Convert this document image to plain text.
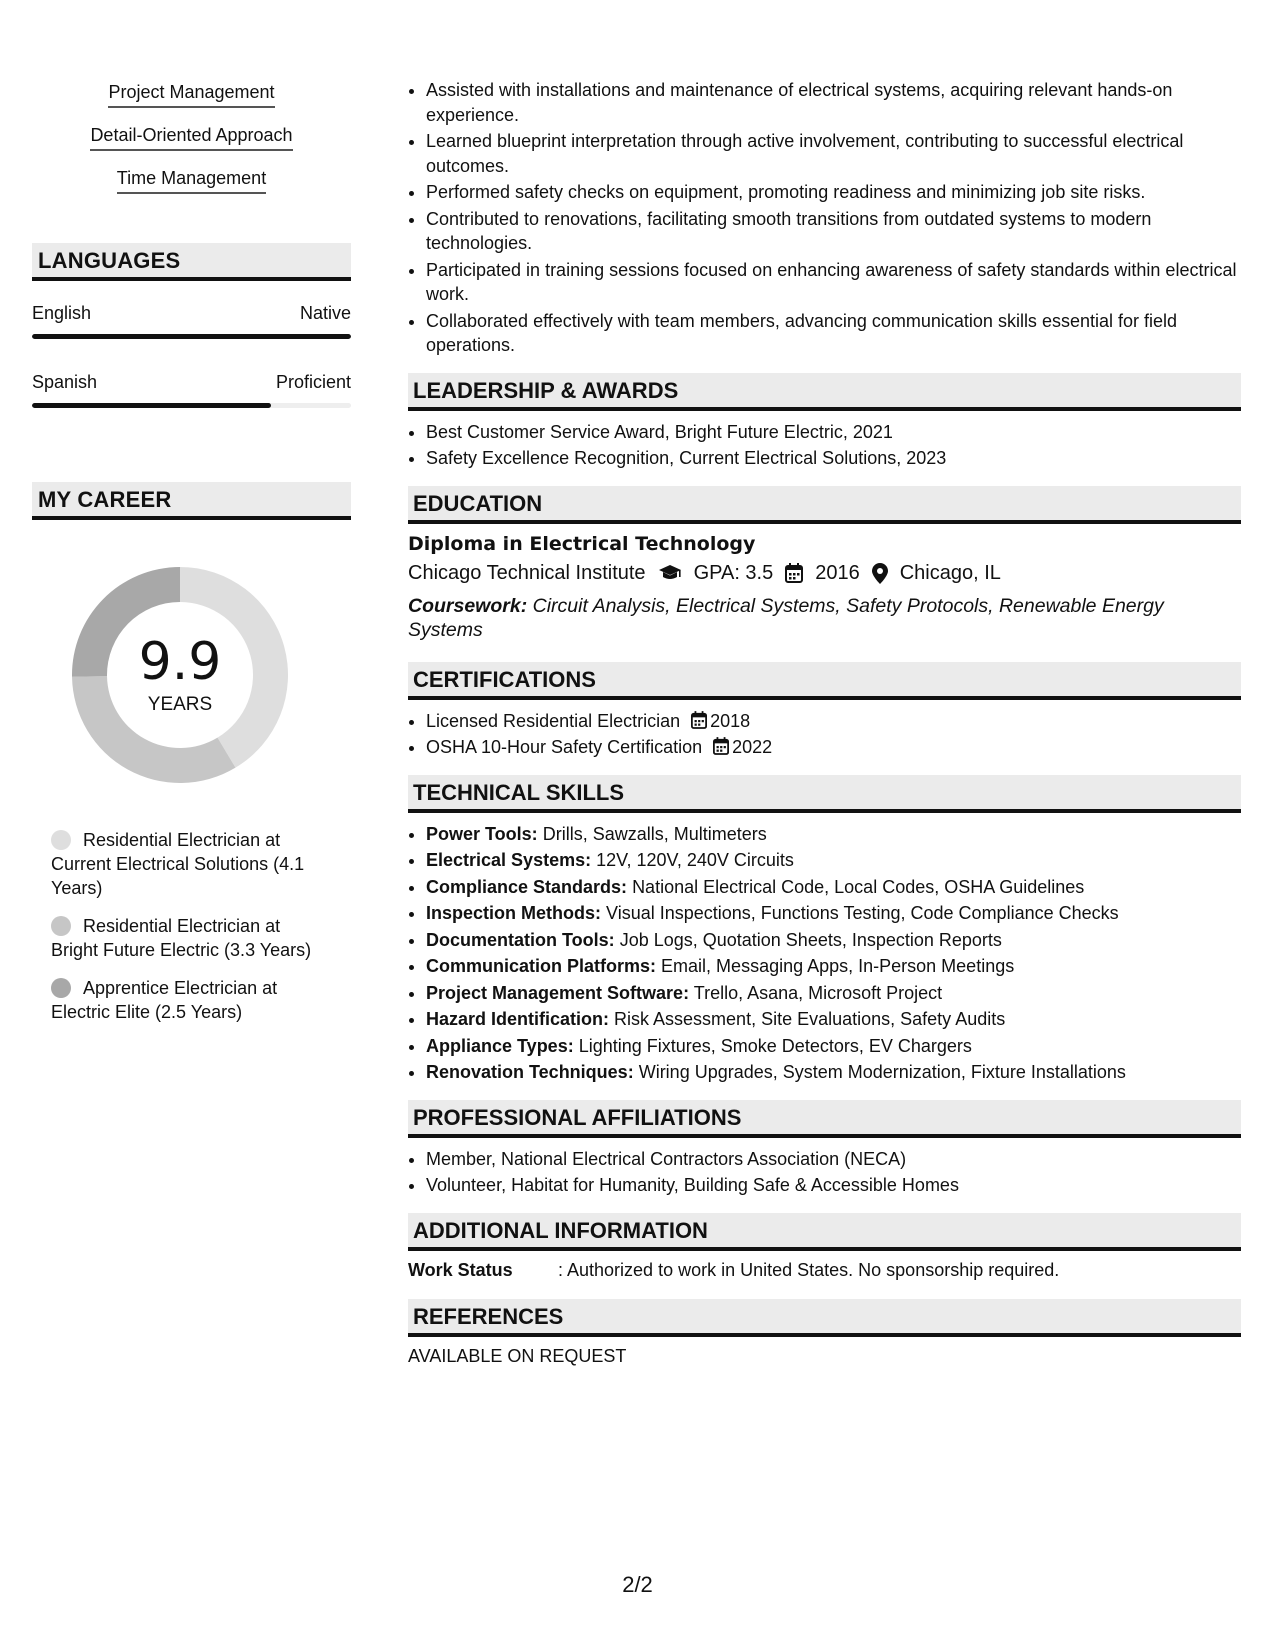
Project Management
Detail-Oriented Approach
Time Management
LANGUAGES
English	Native
Spanish	Proficient
MY CAREER
9.9
YEARS
Residential Electrician at Current Electrical Solutions (4.1 Years)
Residential Electrician at Bright Future Electric (3.3 Years)
Apprentice Electrician at Electric Elite (2.5 Years)
• Assisted with installations and maintenance of electrical systems, acquiring relevant hands-on experience.
• Learned blueprint interpretation through active involvement, contributing to successful electrical outcomes.
• Performed safety checks on equipment, promoting readiness and minimizing job site risks.
• Contributed to renovations, facilitating smooth transitions from outdated systems to modern technologies.
• Participated in training sessions focused on enhancing awareness of safety standards within electrical work.
• Collaborated effectively with team members, advancing communication skills essential for field operations.
LEADERSHIP & AWARDS
• Best Customer Service Award, Bright Future Electric, 2021
• Safety Excellence Recognition, Current Electrical Solutions, 2023
EDUCATION
Diploma in Electrical Technology
Chicago Technical Institute GPA: 3.5 2016 Chicago, IL
Coursework: Circuit Analysis, Electrical Systems, Safety Protocols, Renewable Energy Systems
CERTIFICATIONS
• Licensed Residential Electrician 2018
• OSHA 10-Hour Safety Certification 2022
TECHNICAL SKILLS
• Power Tools: Drills, Sawzalls, Multimeters
• Electrical Systems: 12V, 120V, 240V Circuits
• Compliance Standards: National Electrical Code, Local Codes, OSHA Guidelines
• Inspection Methods: Visual Inspections, Functions Testing, Code Compliance Checks
• Documentation Tools: Job Logs, Quotation Sheets, Inspection Reports
• Communication Platforms: Email, Messaging Apps, In-Person Meetings
• Project Management Software: Trello, Asana, Microsoft Project
• Hazard Identification: Risk Assessment, Site Evaluations, Safety Audits
• Appliance Types: Lighting Fixtures, Smoke Detectors, EV Chargers
• Renovation Techniques: Wiring Upgrades, System Modernization, Fixture Installations
PROFESSIONAL AFFILIATIONS
• Member, National Electrical Contractors Association (NECA)
• Volunteer, Habitat for Humanity, Building Safe & Accessible Homes
ADDITIONAL INFORMATION
Work Status	: Authorized to work in United States. No sponsorship required.
REFERENCES
AVAILABLE ON REQUEST
2/2
